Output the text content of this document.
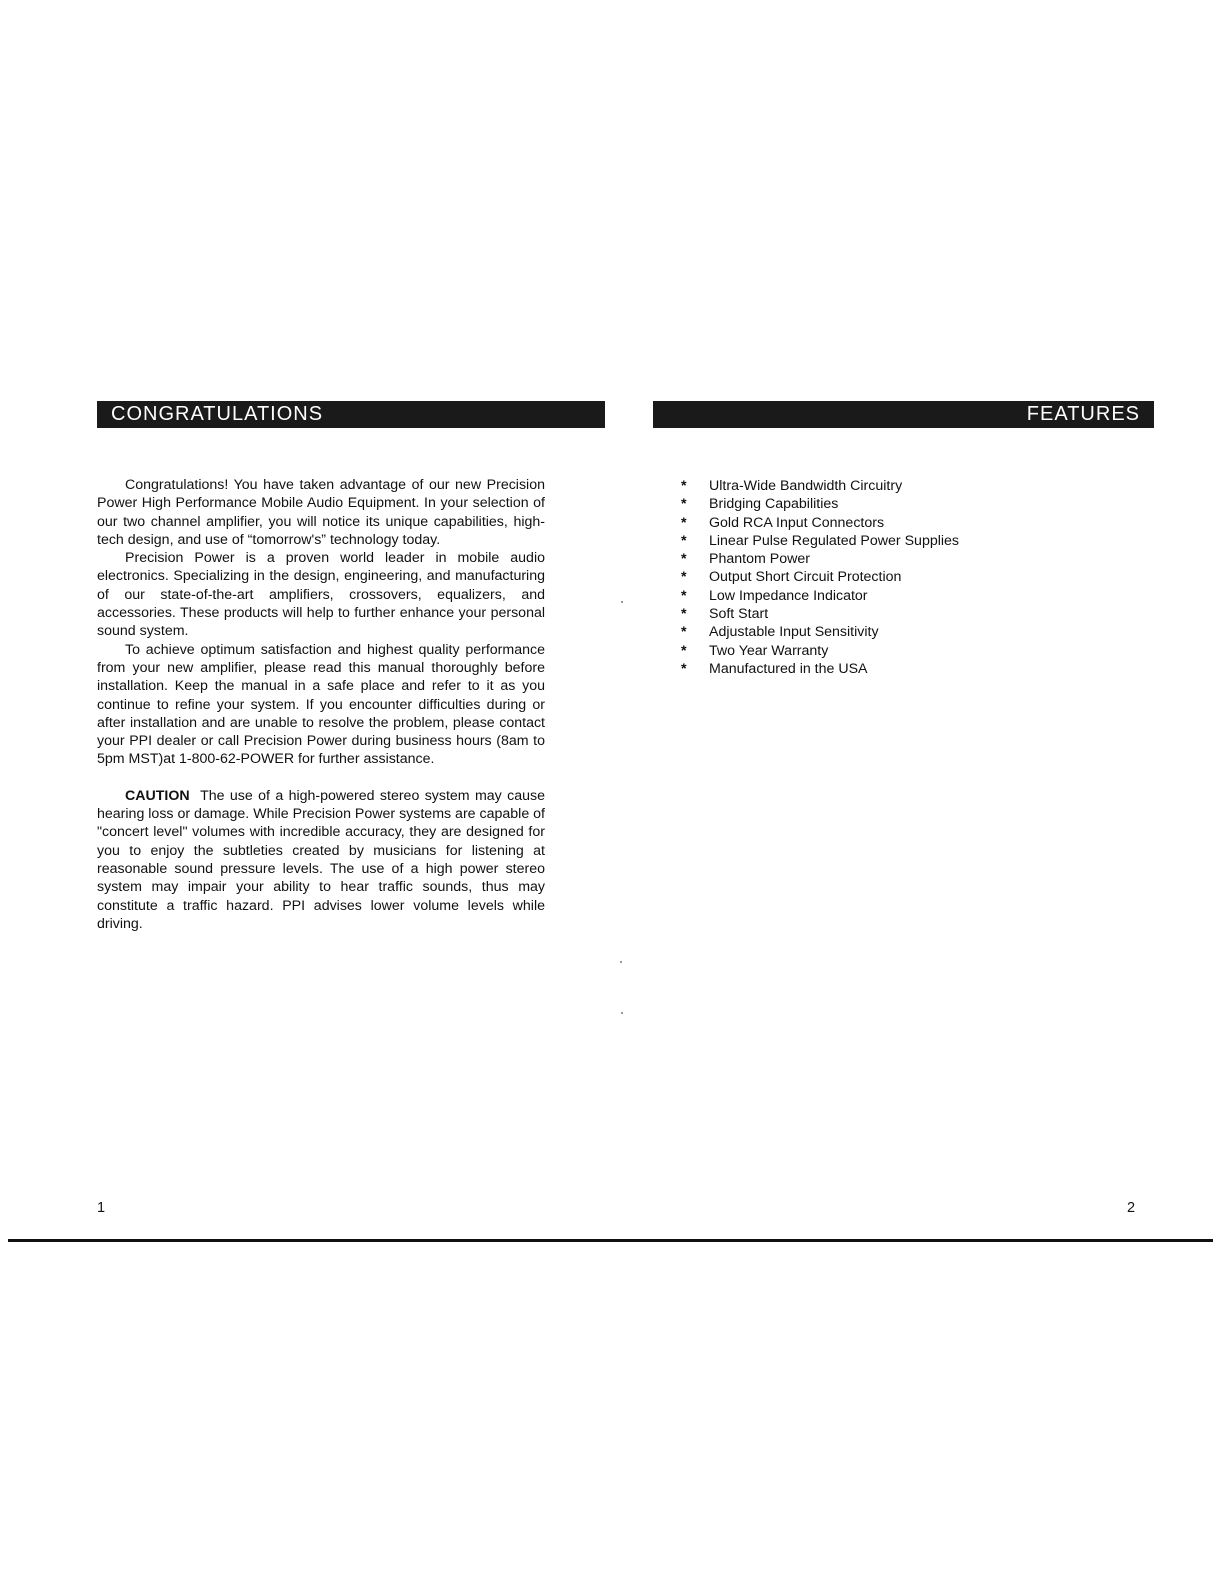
CONGRATULATIONS

Congratulations! You have taken advantage of our new Precision Power High Performance Mobile Audio Equipment. In your selection of our two channel amplifier, you will notice its unique capabilities, high-tech design, and use of “tomorrow's” technology today.

Precision Power is a proven world leader in mobile audio electronics. Specializing in the design, engineering, and manufacturing of our state-of-the-art amplifiers, crossovers, equalizers, and accessories. These products will help to further enhance your personal sound system.

To achieve optimum satisfaction and highest quality performance from your new amplifier, please read this manual thoroughly before installation. Keep the manual in a safe place and refer to it as you continue to refine your system. If you encounter difficulties during or after installation and are unable to resolve the problem, please contact your PPI dealer or call Precision Power during business hours (8am to 5pm MST)at 1-800-62-POWER for further assistance.

CAUTION The use of a high-powered stereo system may cause hearing loss or damage. While Precision Power systems are capable of "concert level" volumes with incredible accuracy, they are designed for you to enjoy the subtleties created by musicians for listening at reasonable sound pressure levels. The use of a high power stereo system may impair your ability to hear traffic sounds, thus may constitute a traffic hazard. PPI advises lower volume levels while driving.

FEATURES
* Ultra-Wide Bandwidth Circuitry
* Bridging Capabilities
* Gold RCA Input Connectors
* Linear Pulse Regulated Power Supplies
* Phantom Power
* Output Short Circuit Protection
* Low Impedance Indicator
* Soft Start
* Adjustable Input Sensitivity
* Two Year Warranty
* Manufactured in the USA
1	2
